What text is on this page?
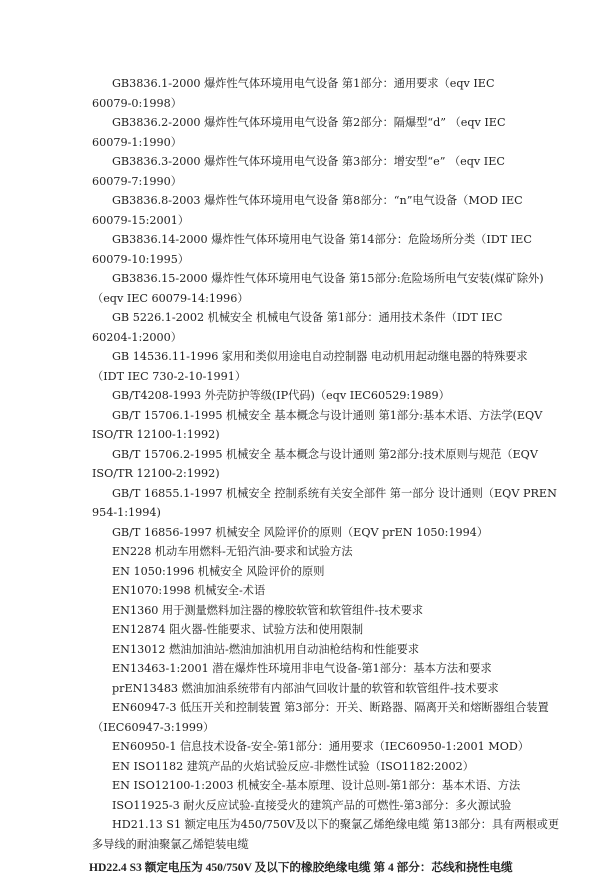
GB3836.1-2000 爆炸性气体环境用电气设备 第1部分：通用要求（eqv IEC
60079-0:1998）
GB3836.2-2000 爆炸性气体环境用电气设备 第2部分：隔爆型“d” （eqv IEC
60079-1:1990）
GB3836.3-2000 爆炸性气体环境用电气设备 第3部分：增安型“e” （eqv IEC
60079-7:1990）
GB3836.8-2003 爆炸性气体环境用电气设备 第8部分：“n”电气设备（MOD IEC
60079-15:2001）
GB3836.14-2000 爆炸性气体环境用电气设备 第14部分：危险场所分类（IDT IEC
60079-10:1995）
GB3836.15-2000 爆炸性气体环境用电气设备 第15部分:危险场所电气安装(煤矿除外)
（eqv IEC 60079-14:1996）
GB 5226.1-2002 机械安全 机械电气设备 第1部分：通用技术条件（IDT IEC
60204-1:2000）
GB 14536.11-1996 家用和类似用途电自动控制器 电动机用起动继电器的特殊要求
（IDT IEC 730-2-10-1991）
GB/T4208-1993 外壳防护等级(IP代码)（eqv IEC60529:1989）
GB/T 15706.1-1995 机械安全 基本概念与设计通则 第1部分:基本术语、方法学(EQV
ISO/TR 12100-1:1992)
GB/T 15706.2-1995 机械安全 基本概念与设计通则 第2部分:技术原则与规范（EQV
ISO/TR 12100-2:1992)
GB/T 16855.1-1997 机械安全 控制系统有关安全部件 第一部分 设计通则（EQV PREN
954-1:1994)
GB/T 16856-1997 机械安全 风险评价的原则（EQV prEN 1050:1994）
EN228 机动车用燃料-无铅汽油-要求和试验方法
EN 1050:1996 机械安全 风险评价的原则
EN1070:1998 机械安全-术语
EN1360 用于测量燃料加注器的橡胶软管和软管组件-技术要求
EN12874 阻火器-性能要求、试验方法和使用限制
EN13012 燃油加油站-燃油加油机用自动油枪结构和性能要求
EN13463-1:2001 潜在爆炸性环境用非电气设备-第1部分：基本方法和要求
prEN13483 燃油加油系统带有内部油气回收计量的软管和软管组件-技术要求
EN60947-3 低压开关和控制装置 第3部分：开关、断路器、隔离开关和熔断器组合装置
（IEC60947-3:1999）
EN60950-1 信息技术设备-安全-第1部分：通用要求（IEC60950-1:2001 MOD）
EN ISO1182 建筑产品的火焰试验反应-非燃性试验（ISO1182:2002）
EN ISO12100-1:2003 机械安全-基本原理、设计总则-第1部分：基本术语、方法
ISO11925-3 耐火反应试验-直接受火的建筑产品的可燃性-第3部分：多火源试验
HD21.13 S1 额定电压为450/750V及以下的聚氯乙烯绝缘电缆 第13部分：具有两根或更
多导线的耐油聚氯乙烯铠装电缆
HD22.4 S3 额定电压为 450/750V 及以下的橡胶绝缘电缆 第 4 部分：芯线和挠性电缆
